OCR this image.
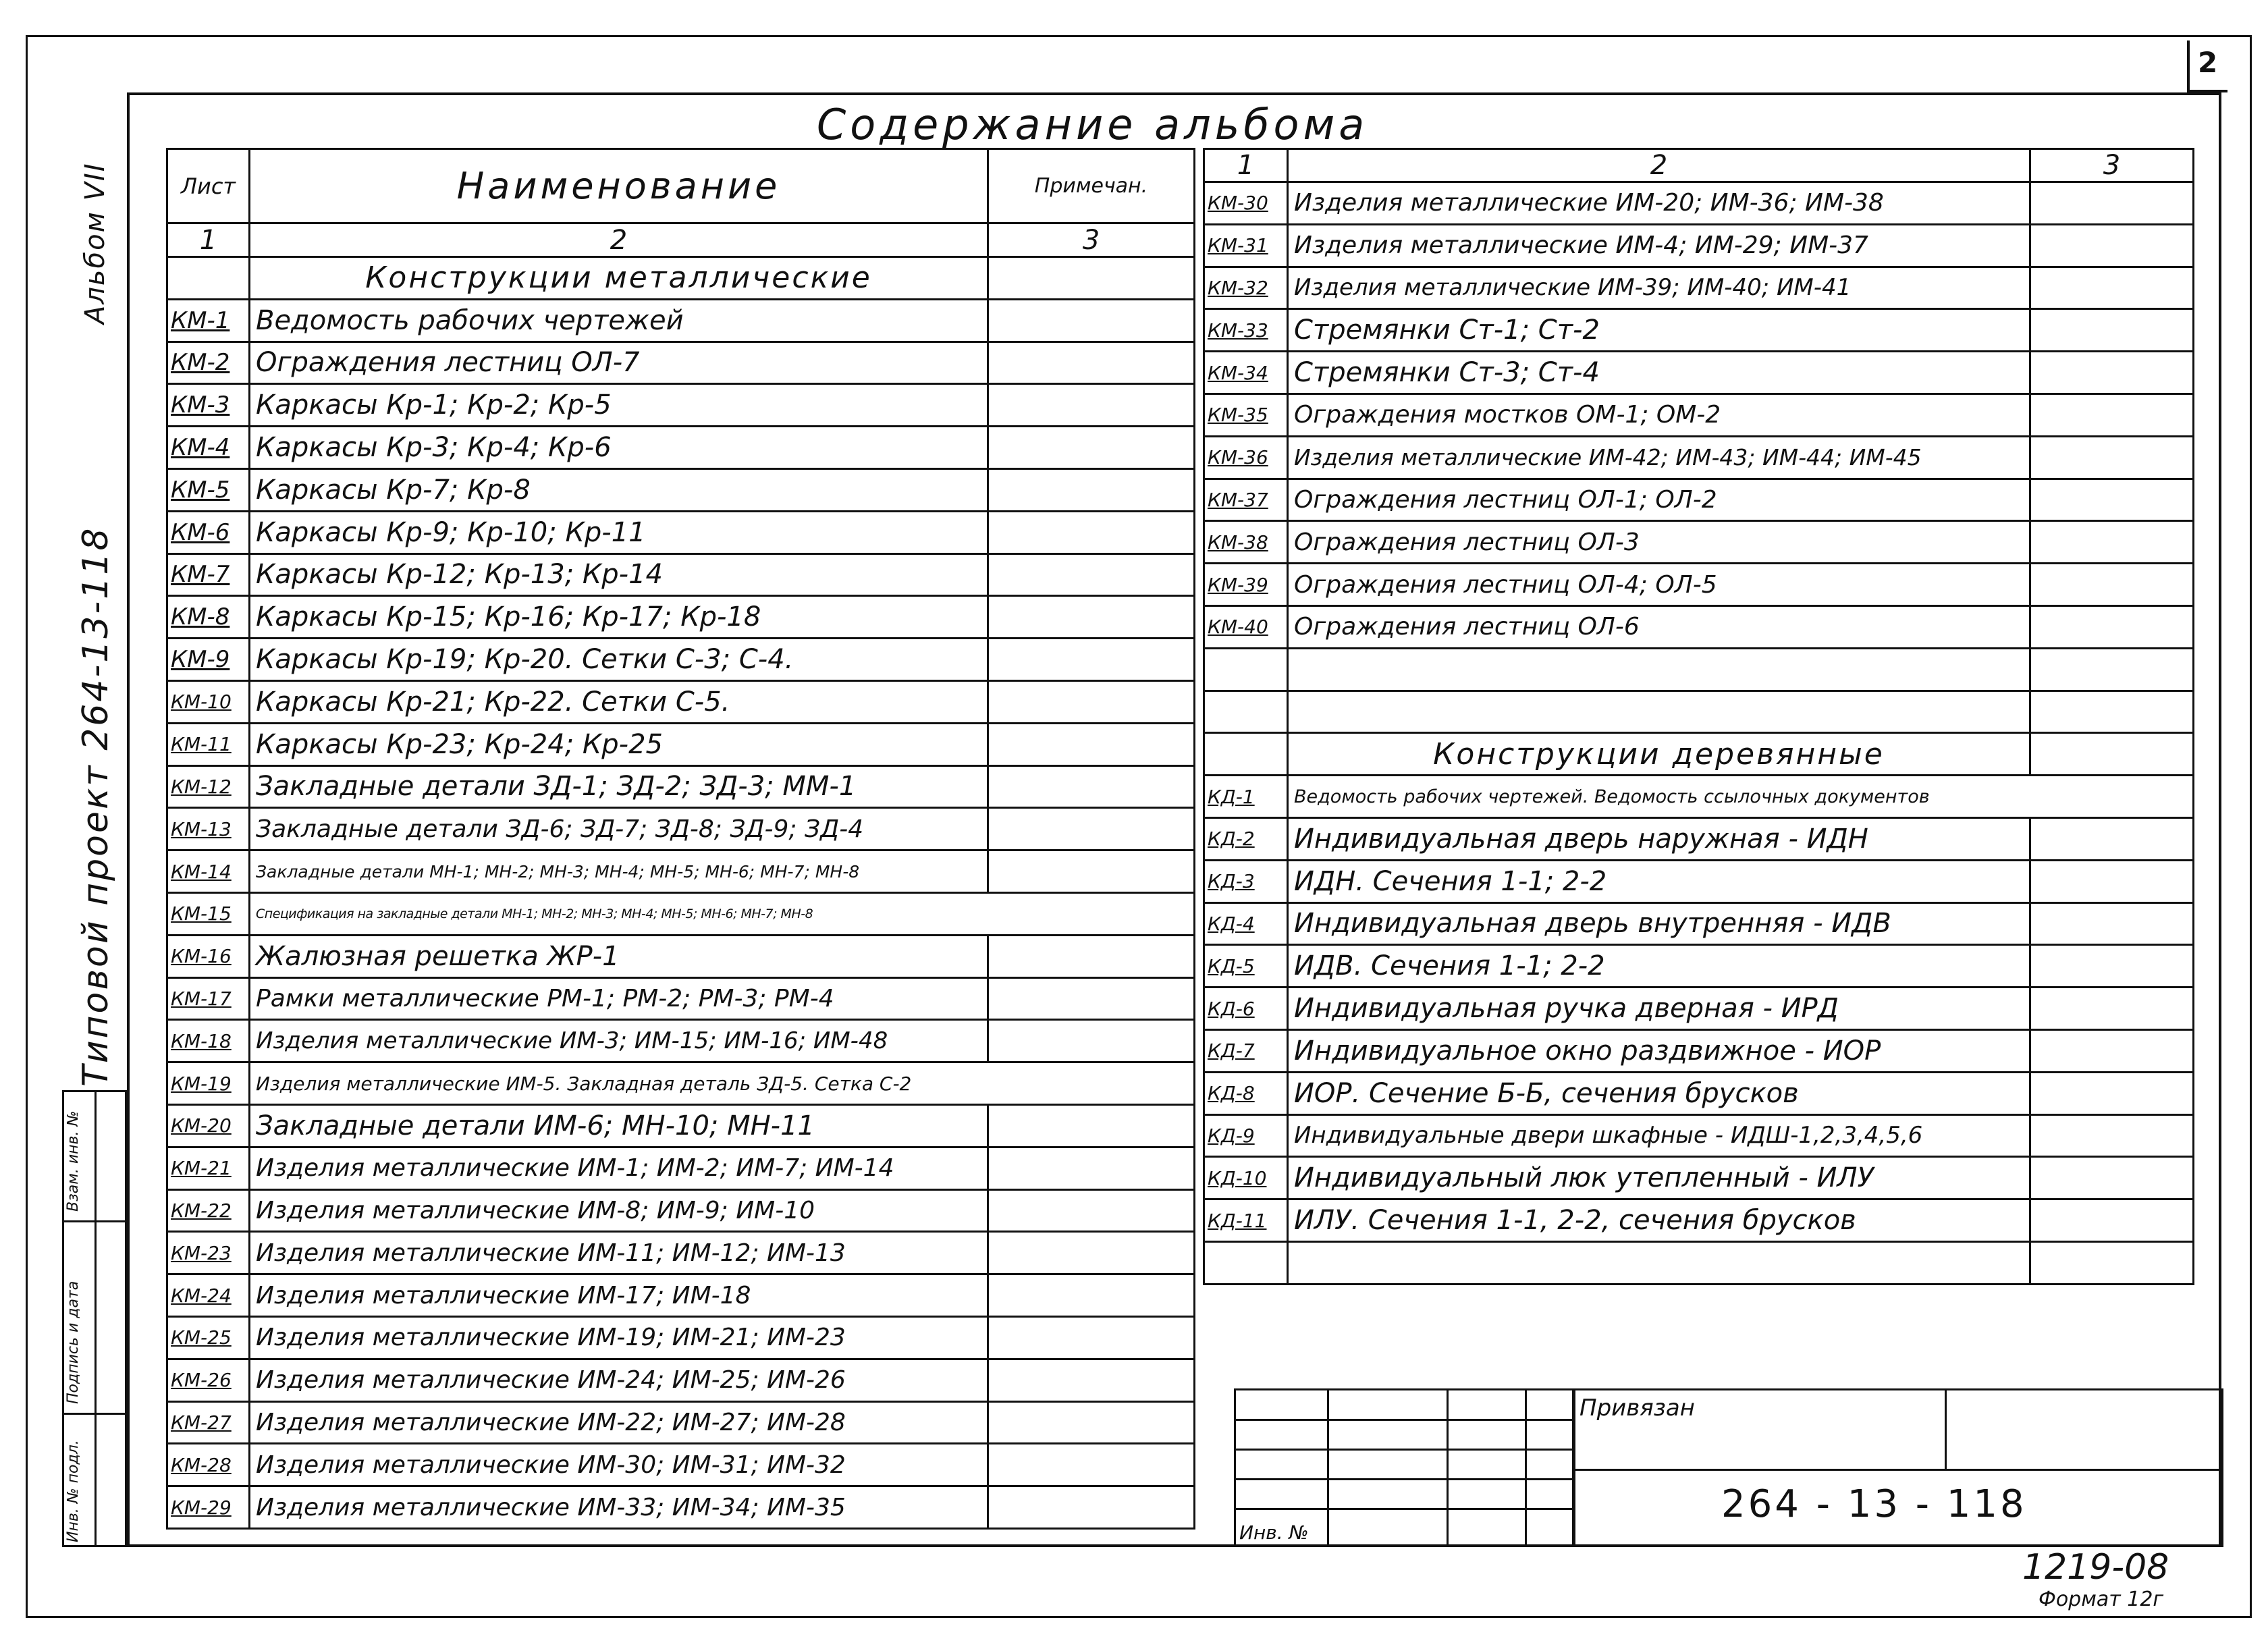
2
Содержание альбома
Альбом VII
Типовой проект 264-13-118
Инв. № подл.
Подпись и дата
Взам. инв. №
Лист	Наименование	Примечан.
1	2	3
	Конструкции металлические	
КМ-1	Ведомость рабочих чертежей	
КМ-2	Ограждения лестниц ОЛ-7	
КМ-3	Каркасы Кр-1; Кр-2; Кр-5	
КМ-4	Каркасы Кр-3; Кр-4; Кр-6	
КМ-5	Каркасы Кр-7; Кр-8	
КМ-6	Каркасы Кр-9; Кр-10; Кр-11	
КМ-7	Каркасы Кр-12; Кр-13; Кр-14	
КМ-8	Каркасы Кр-15; Кр-16; Кр-17; Кр-18	
КМ-9	Каркасы Кр-19; Кр-20. Сетки С-3; С-4.	
КМ-10	Каркасы Кр-21; Кр-22. Сетки С-5.	
КМ-11	Каркасы Кр-23; Кр-24; Кр-25	
КМ-12	Закладные детали ЗД-1; ЗД-2; ЗД-3; ММ-1	
КМ-13	Закладные детали ЗД-6; ЗД-7; ЗД-8; ЗД-9; ЗД-4	
КМ-14	Закладные детали МН-1; МН-2; МН-3; МН-4; МН-5; МН-6; МН-7; МН-8	
КМ-15	Спецификация на закладные детали МН-1; МН-2; МН-3; МН-4; МН-5; МН-6; МН-7; МН-8	
КМ-16	Жалюзная решетка ЖР-1	
КМ-17	Рамки металлические РМ-1; РМ-2; РМ-3; РМ-4	
КМ-18	Изделия металлические ИМ-3; ИМ-15; ИМ-16; ИМ-48	
КМ-19	Изделия металлические ИМ-5. Закладная деталь ЗД-5. Сетка С-2	
КМ-20	Закладные детали ИМ-6; МН-10; МН-11	
КМ-21	Изделия металлические ИМ-1; ИМ-2; ИМ-7; ИМ-14	
КМ-22	Изделия металлические ИМ-8; ИМ-9; ИМ-10	
КМ-23	Изделия металлические ИМ-11; ИМ-12; ИМ-13	
КМ-24	Изделия металлические ИМ-17; ИМ-18	
КМ-25	Изделия металлические ИМ-19; ИМ-21; ИМ-23	
КМ-26	Изделия металлические ИМ-24; ИМ-25; ИМ-26	
КМ-27	Изделия металлические ИМ-22; ИМ-27; ИМ-28	
КМ-28	Изделия металлические ИМ-30; ИМ-31; ИМ-32	
КМ-29	Изделия металлические ИМ-33; ИМ-34; ИМ-35	
1	2	3
КМ-30	Изделия металлические ИМ-20; ИМ-36; ИМ-38	
КМ-31	Изделия металлические ИМ-4; ИМ-29; ИМ-37	
КМ-32	Изделия металлические ИМ-39; ИМ-40; ИМ-41	
КМ-33	Стремянки Ст-1; Ст-2	
КМ-34	Стремянки Ст-3; Ст-4	
КМ-35	Ограждения мостков ОМ-1; ОМ-2	
КМ-36	Изделия металлические ИМ-42; ИМ-43; ИМ-44; ИМ-45	
КМ-37	Ограждения лестниц ОЛ-1; ОЛ-2	
КМ-38	Ограждения лестниц ОЛ-3	
КМ-39	Ограждения лестниц ОЛ-4; ОЛ-5	
КМ-40	Ограждения лестниц ОЛ-6	

	Конструкции деревянные	
КД-1	Ведомость рабочих чертежей. Ведомость ссылочных документов	
КД-2	Индивидуальная дверь наружная - ИДН	
КД-3	ИДН. Сечения 1-1; 2-2	
КД-4	Индивидуальная дверь внутренняя - ИДВ	
КД-5	ИДВ. Сечения 1-1; 2-2	
КД-6	Индивидуальная ручка дверная - ИРД	
КД-7	Индивидуальное окно раздвижное - ИОР	
КД-8	ИОР. Сечение Б-Б, сечения брусков	
КД-9	Индивидуальные двери шкафные - ИДШ-1,2,3,4,5,6	
КД-10	Индивидуальный люк утепленный - ИЛУ	
КД-11	ИЛУ. Сечения 1-1, 2-2, сечения брусков	

Привязан
Инв. №
264 - 13 - 118
1219-08
Формат 12г
